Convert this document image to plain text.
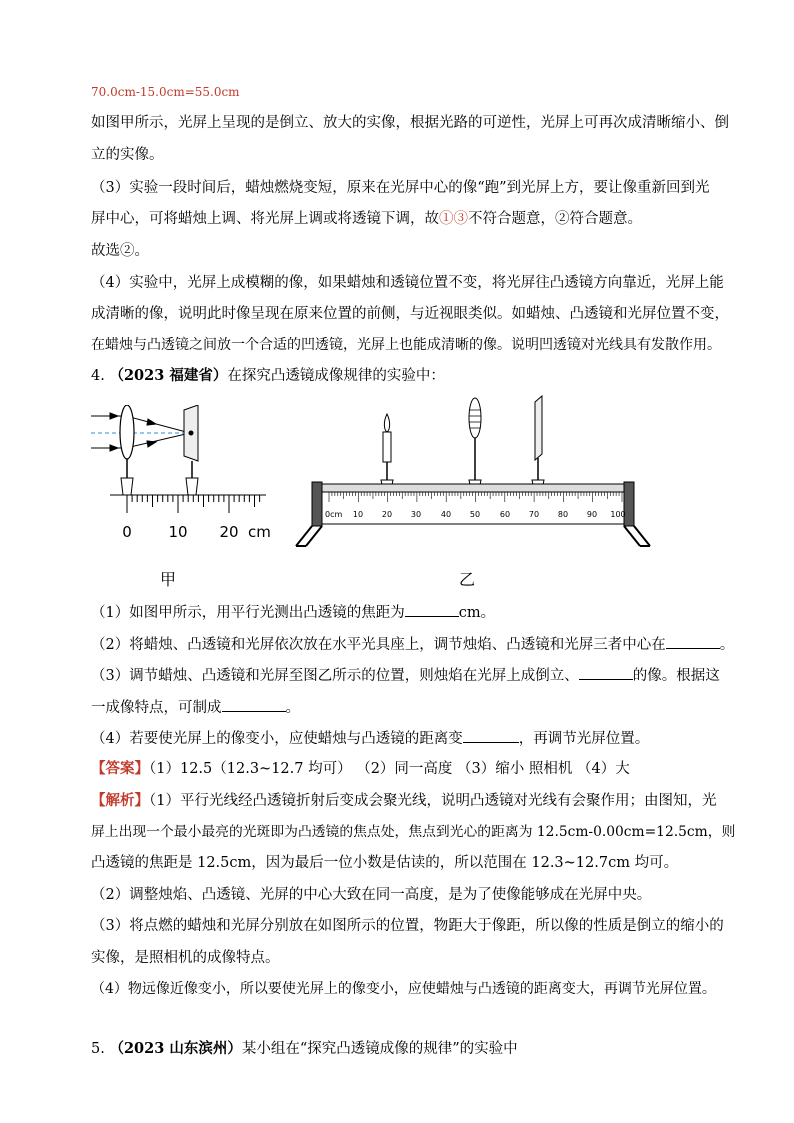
70.0cm-15.0cm=55.0cm
如图甲所示，光屏上呈现的是倒立、放大的实像，根据光路的可逆性，光屏上可再次成清晰缩小、倒
立的实像。
（3）实验一段时间后，蜡烛燃烧变短，原来在光屏中心的像“跑”到光屏上方，要让像重新回到光
屏中心，可将蜡烛上调、将光屏上调或将透镜下调，故①③不符合题意，②符合题意。
故选②。
（4）实验中，光屏上成模糊的像，如果蜡烛和透镜位置不变，将光屏往凸透镜方向靠近，光屏上能
成清晰的像，说明此时像呈现在原来位置的前侧，与近视眼类似。如蜡烛、凸透镜和光屏位置不变，
在蜡烛与凸透镜之间放一个合适的凹透镜，光屏上也能成清晰的像。说明凹透镜对光线具有发散作用。
4. （2023 福建省）在探究凸透镜成像规律的实验中：
0 10 20 cm
甲
0cm 10 20 30 40 50 60 70 80 90 100
乙
（1）如图甲所示，用平行光测出凸透镜的焦距为	cm。
（2）将蜡烛、凸透镜和光屏依次放在水平光具座上，调节烛焰、凸透镜和光屏三者中心在	。
（3）调节蜡烛、凸透镜和光屏至图乙所示的位置，则烛焰在光屏上成倒立、	的像。根据这
一成像特点，可制成	。
（4）若要使光屏上的像变小，应使蜡烛与凸透镜的距离变	，再调节光屏位置。
【答案】（1）12.5（12.3~12.7 均可） （2）同一高度 （3）缩小 照相机 （4）大
【解析】（1）平行光线经凸透镜折射后变成会聚光线，说明凸透镜对光线有会聚作用；由图知，光
屏上出现一个最小最亮的光斑即为凸透镜的焦点处，焦点到光心的距离为 12.5cm-0.00cm=12.5cm，则
凸透镜的焦距是 12.5cm，因为最后一位小数是估读的，所以范围在 12.3~12.7cm 均可。
（2）调整烛焰、凸透镜、光屏的中心大致在同一高度，是为了使像能够成在光屏中央。
（3）将点燃的蜡烛和光屏分别放在如图所示的位置，物距大于像距，所以像的性质是倒立的缩小的
实像，是照相机的成像特点。
（4）物远像近像变小，所以要使光屏上的像变小，应使蜡烛与凸透镜的距离变大，再调节光屏位置。
5. （2023 山东滨州）某小组在“探究凸透镜成像的规律”的实验中
